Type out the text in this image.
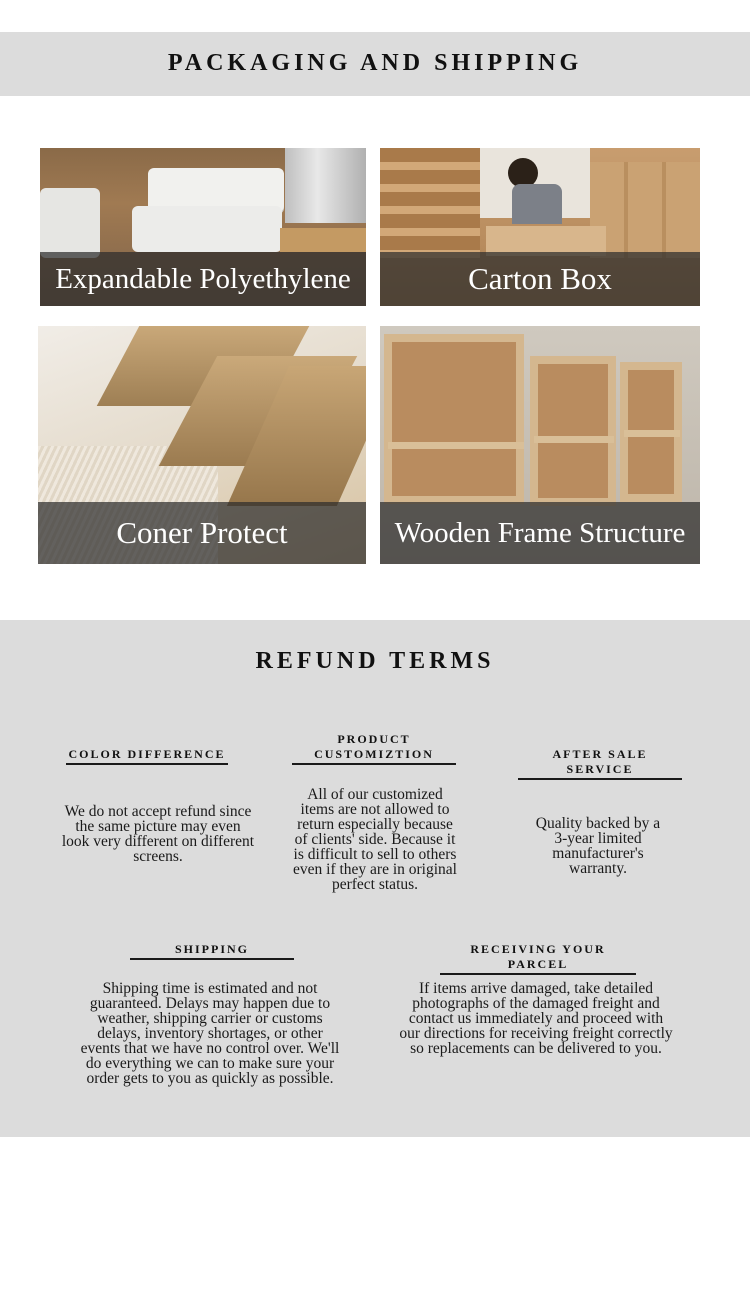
PACKAGING AND SHIPPING
Expandable Polyethylene	Carton Box
Coner Protect	Wooden Frame Structure
REFUND TERMS
COLOR DIFFERENCE
We do not accept refund since the same picture may even look very different on different screens.
PRODUCT
CUSTOMIZTION
All of our customized items are not allowed to return especially because of clients' side. Because it is difficult to sell to others even if they are in original perfect status.
AFTER SALE SERVICE
Quality backed by a 3-year limited manufacturer's warranty.
SHIPPING
Shipping time is estimated and not guaranteed. Delays may happen due to weather, shipping carrier or customs delays, inventory shortages, or other events that we have no control over. We'll do everything we can to make sure your order gets to you as quickly as possible.
RECEIVING YOUR PARCEL
If items arrive damaged, take detailed photographs of the damaged freight and contact us immediately and proceed with our directions for receiving freight correctly so replacements can be delivered to you.
